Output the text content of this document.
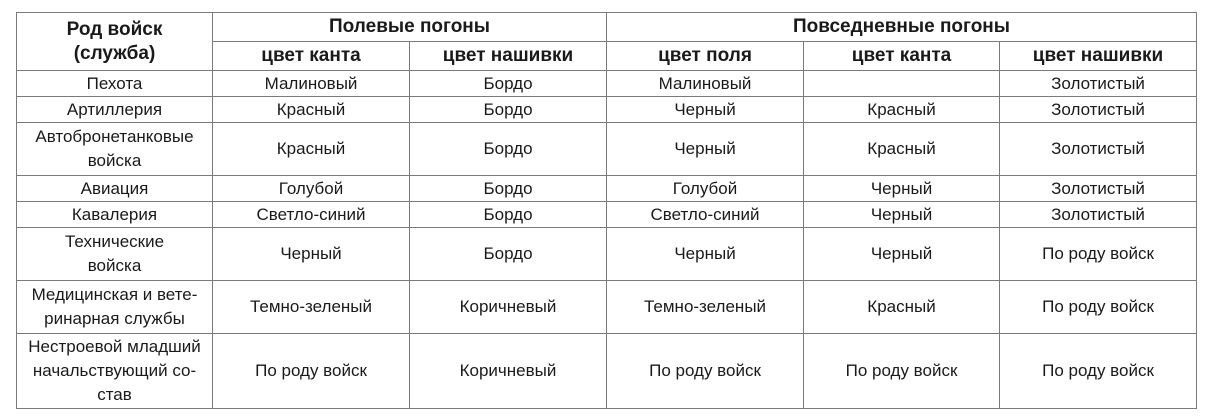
Род войск (служба)	Полевые погоны		Повседневные погоны		
	цвет канта	цвет нашивки	цвет поля	цвет канта	цвет нашивки
Пехота	Малиновый	Бордо	Малиновый		Золотистый
Артиллерия	Красный	Бордо	Черный	Красный	Золотистый
Автобронетанковые войска	Красный	Бордо	Черный	Красный	Золотистый
Авиация	Голубой	Бордо	Голубой	Черный	Золотистый
Кавалерия	Светло-синий	Бордо	Светло-синий	Черный	Золотистый
Технические войска	Черный	Бордо	Черный	Черный	По роду войск
Медицинская и вете-ринарная службы	Темно-зеленый	Коричневый	Темно-зеленый	Красный	По роду войск
Нестроевой младший начальствующий со-став	По роду войск	Коричневый	По роду войск	По роду войск	По роду войск
